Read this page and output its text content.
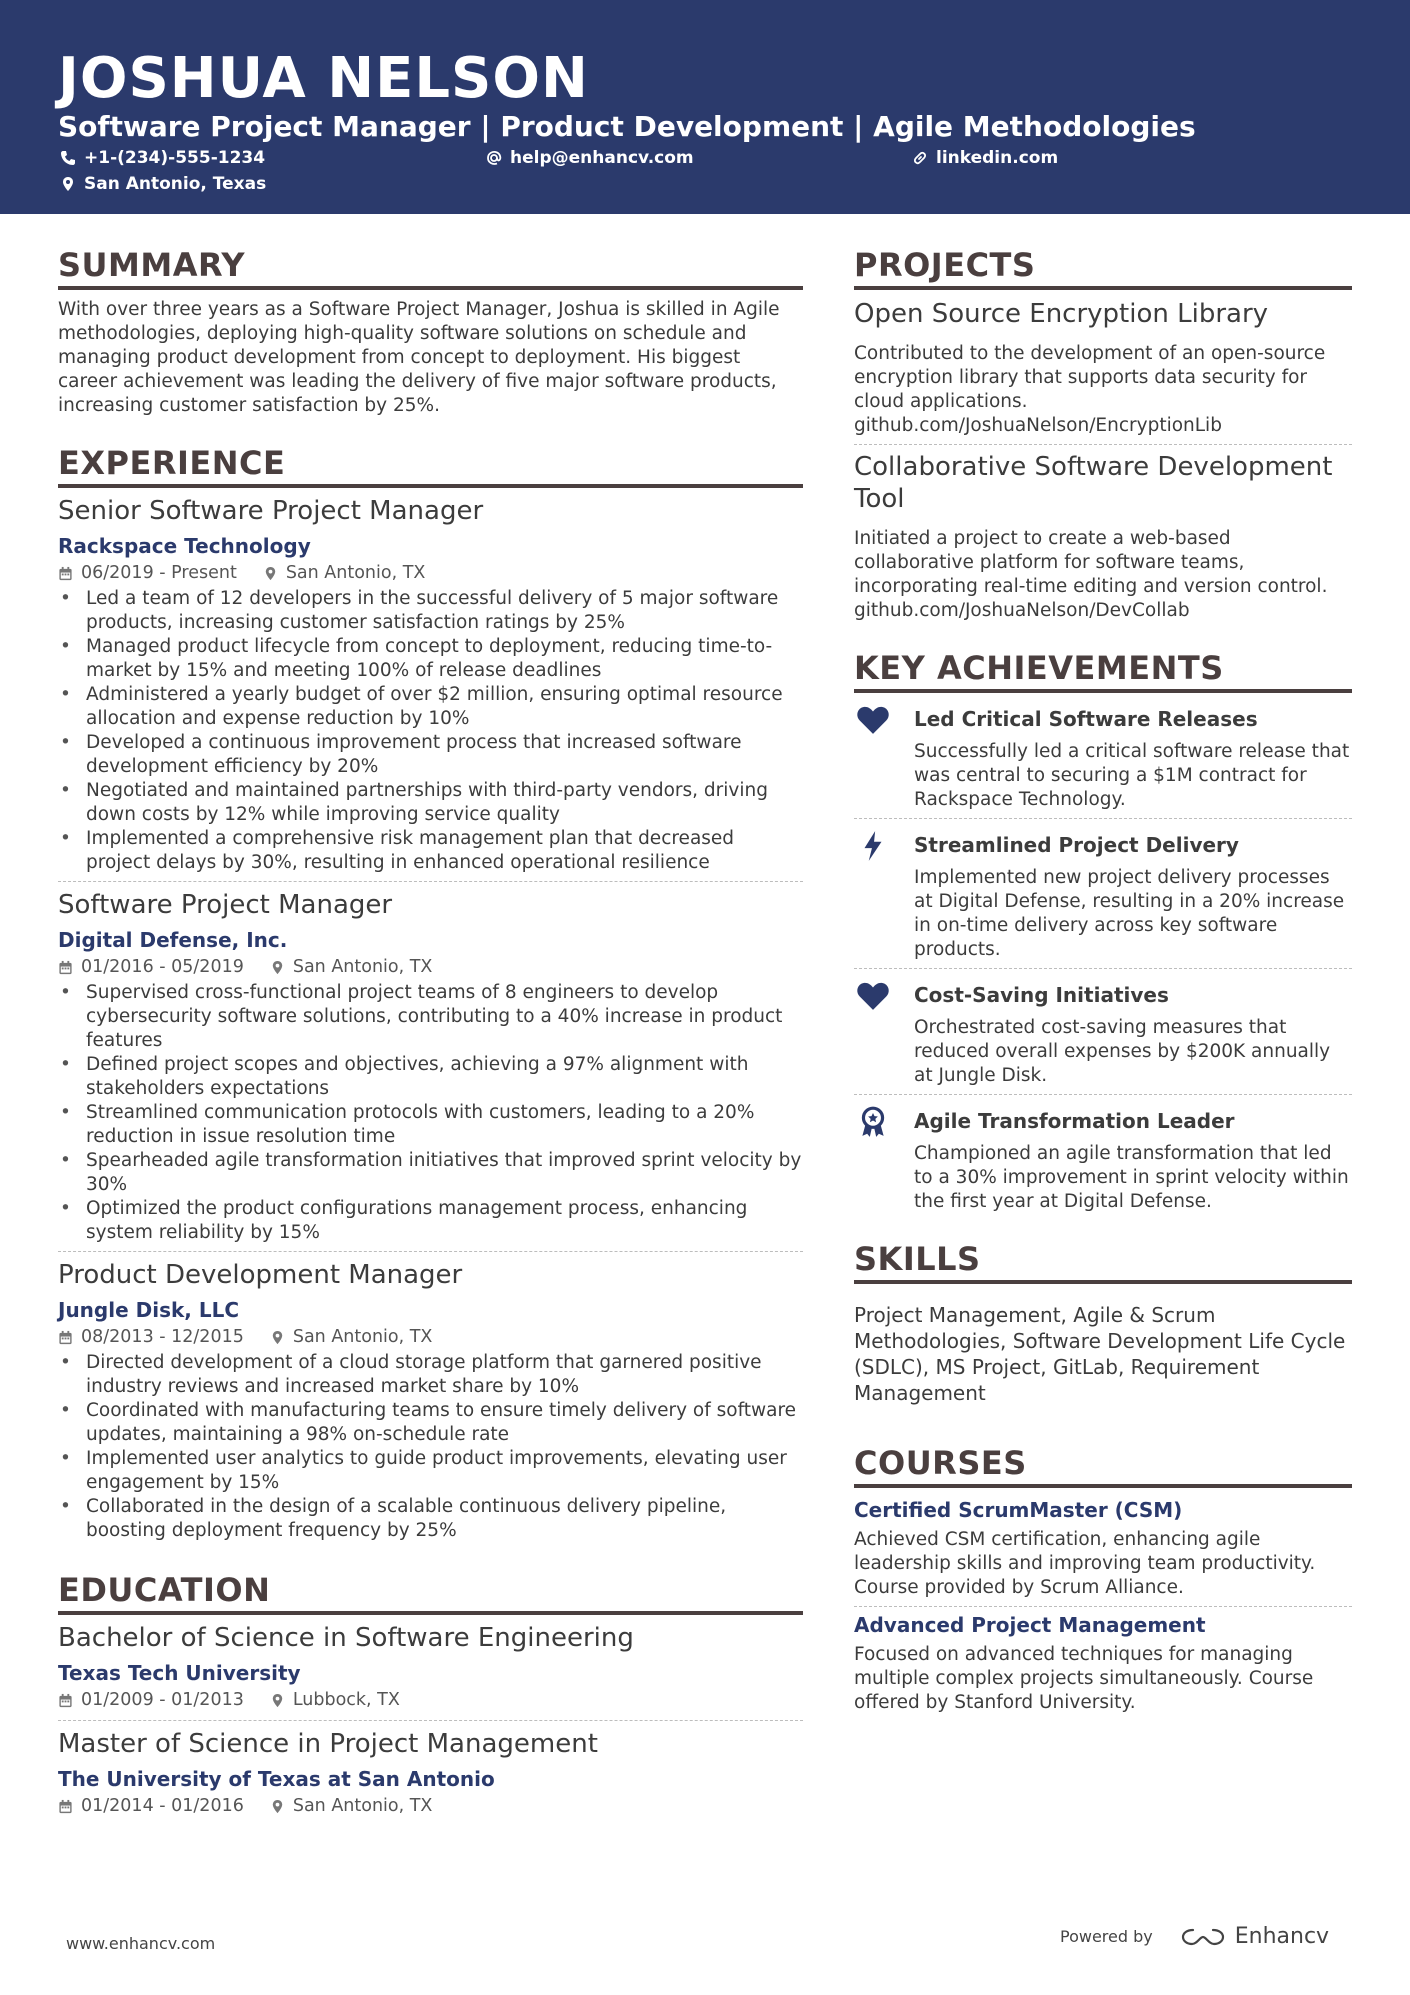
JOSHUA NELSON
Software Project Manager | Product Development | Agile Methodologies
+1-(234)-555-1234	help@enhancv.com	linkedin.com
San Antonio, Texas
SUMMARY

With over three years as a Software Project Manager, Joshua is skilled in Agile methodologies, deploying high-quality software solutions on schedule and managing product development from concept to deployment. His biggest career achievement was leading the delivery of five major software products, increasing customer satisfaction by 25%.

EXPERIENCE
Senior Software Project Manager
Rackspace Technology
06/2019 - Present	San Antonio, TX
• Led a team of 12 developers in the successful delivery of 5 major software products, increasing customer satisfaction ratings by 25%
• Managed product lifecycle from concept to deployment, reducing time-to-market by 15% and meeting 100% of release deadlines
• Administered a yearly budget of over $2 million, ensuring optimal resource allocation and expense reduction by 10%
• Developed a continuous improvement process that increased software development efficiency by 20%
• Negotiated and maintained partnerships with third-party vendors, driving down costs by 12% while improving service quality
• Implemented a comprehensive risk management plan that decreased project delays by 30%, resulting in enhanced operational resilience
Software Project Manager
Digital Defense, Inc.
01/2016 - 05/2019	San Antonio, TX
• Supervised cross-functional project teams of 8 engineers to develop cybersecurity software solutions, contributing to a 40% increase in product features
• Defined project scopes and objectives, achieving a 97% alignment with stakeholders expectations
• Streamlined communication protocols with customers, leading to a 20% reduction in issue resolution time
• Spearheaded agile transformation initiatives that improved sprint velocity by 30%
• Optimized the product configurations management process, enhancing system reliability by 15%
Product Development Manager
Jungle Disk, LLC
08/2013 - 12/2015	San Antonio, TX
• Directed development of a cloud storage platform that garnered positive industry reviews and increased market share by 10%
• Coordinated with manufacturing teams to ensure timely delivery of software updates, maintaining a 98% on-schedule rate
• Implemented user analytics to guide product improvements, elevating user engagement by 15%
• Collaborated in the design of a scalable continuous delivery pipeline, boosting deployment frequency by 25%
EDUCATION
Bachelor of Science in Software Engineering
Texas Tech University
01/2009 - 01/2013	Lubbock, TX
Master of Science in Project Management
The University of Texas at San Antonio
01/2014 - 01/2016	San Antonio, TX
PROJECTS
Open Source Encryption Library

Contributed to the development of an open-source encryption library that supports data security for cloud applications.

github.com/JoshuaNelson/EncryptionLib
Collaborative Software Development Tool

Initiated a project to create a web-based collaborative platform for software teams, incorporating real-time editing and version control.

github.com/JoshuaNelson/DevCollab
KEY ACHIEVEMENTS
Led Critical Software Releases
Successfully led a critical software release that was central to securing a $1M contract for Rackspace Technology.
Streamlined Project Delivery
Implemented new project delivery processes at Digital Defense, resulting in a 20% increase in on-time delivery across key software products.
Cost-Saving Initiatives
Orchestrated cost-saving measures that reduced overall expenses by $200K annually at Jungle Disk.
Agile Transformation Leader
Championed an agile transformation that led to a 30% improvement in sprint velocity within the first year at Digital Defense.
SKILLS
Project Management, Agile & Scrum Methodologies, Software Development Life Cycle (SDLC), MS Project, GitLab, Requirement Management
COURSES
Certified ScrumMaster (CSM)

Achieved CSM certification, enhancing agile leadership skills and improving team productivity. Course provided by Scrum Alliance.

Advanced Project Management

Focused on advanced techniques for managing multiple complex projects simultaneously. Course offered by Stanford University.

www.enhancv.com	Powered by	Enhancv
